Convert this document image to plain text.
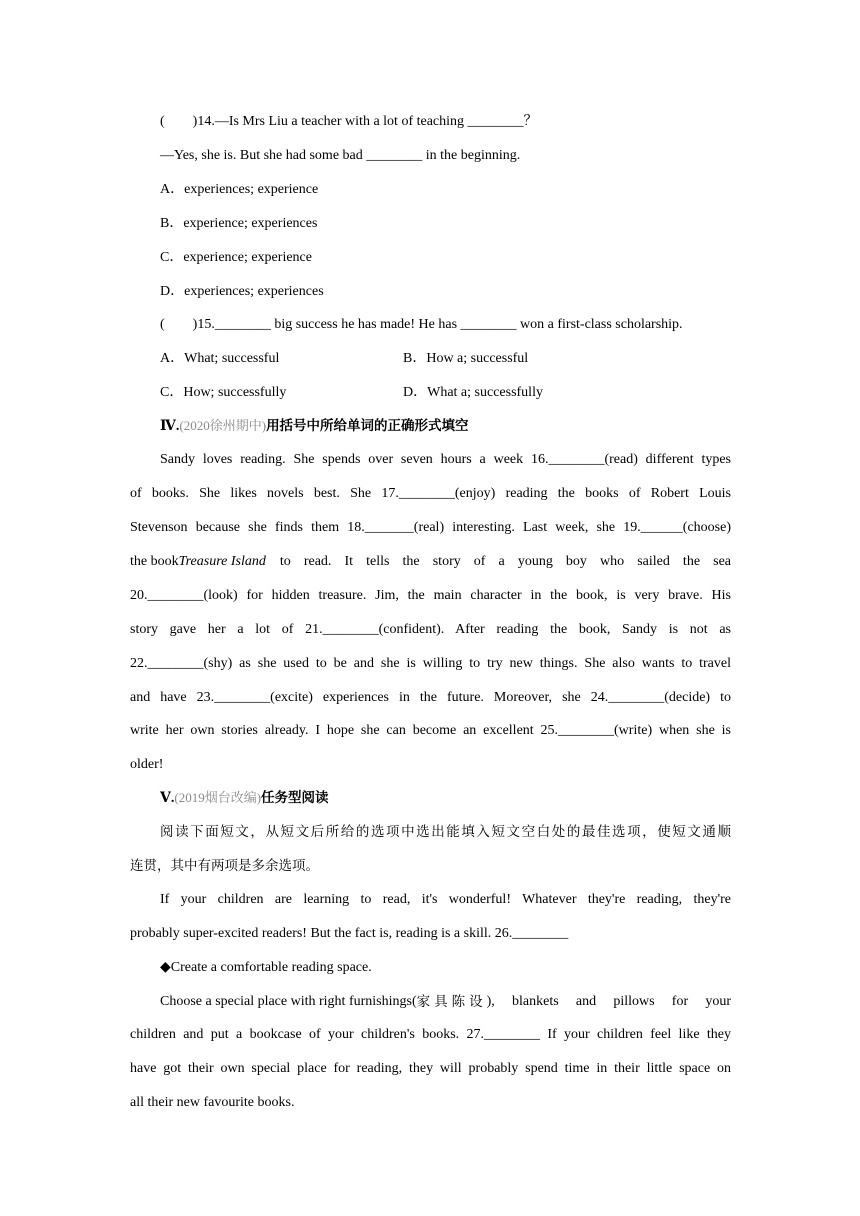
(　　)14.—Is Mrs Liu a teacher with a lot of teaching ________？
—Yes, she is. But she had some bad ________ in the beginning.
A．experiences; experience
B．experience; experiences
C．experience; experience
D．experiences; experiences
(　　)15.________ big success he has made! He has ________ won a first-class scholarship.
A．What; successful	B．How a; successful
C．How; successfully	D．What a; successfully
Ⅳ.(2020徐州期中)用括号中所给单词的正确形式填空
Sandy loves reading. She spends over seven hours a week 16.________(read) different types
of books. She likes novels best. She 17.________(enjoy) reading the books of Robert Louis
Stevenson because she finds them 18._______(real) interesting. Last week, she 19.______(choose)
the book Treasure Island	to read. It tells the story of a young boy who sailed the sea
20.________(look) for hidden treasure. Jim, the main character in the book, is very brave. His
story gave her a lot of 21.________(confident). After reading the book, Sandy is not as
22.________(shy) as she used to be and she is willing to try new things. She also wants to travel
and have 23.________(excite) experiences in the future. Moreover, she 24.________(decide) to
write her own stories already. I hope she can become an excellent 25.________(write) when she is
older!
Ⅴ.(2019烟台改编)任务型阅读
阅读下面短文，从短文后所给的选项中选出能填入短文空白处的最佳选项，使短文通顺
连贯，其中有两项是多余选项。
If your children are learning to read, it's wonderful! Whatever they're reading, they're
probably super-excited readers! But the fact is, reading is a skill. 26.________
◆Create a comfortable reading space.
Choose a special place with right furnishings( 家具陈设 ), blankets and pillows for your
children and put a bookcase of your children's books. 27.________ If your children feel like they
have got their own special place for reading, they will probably spend time in their little space on
all their new favourite books.
